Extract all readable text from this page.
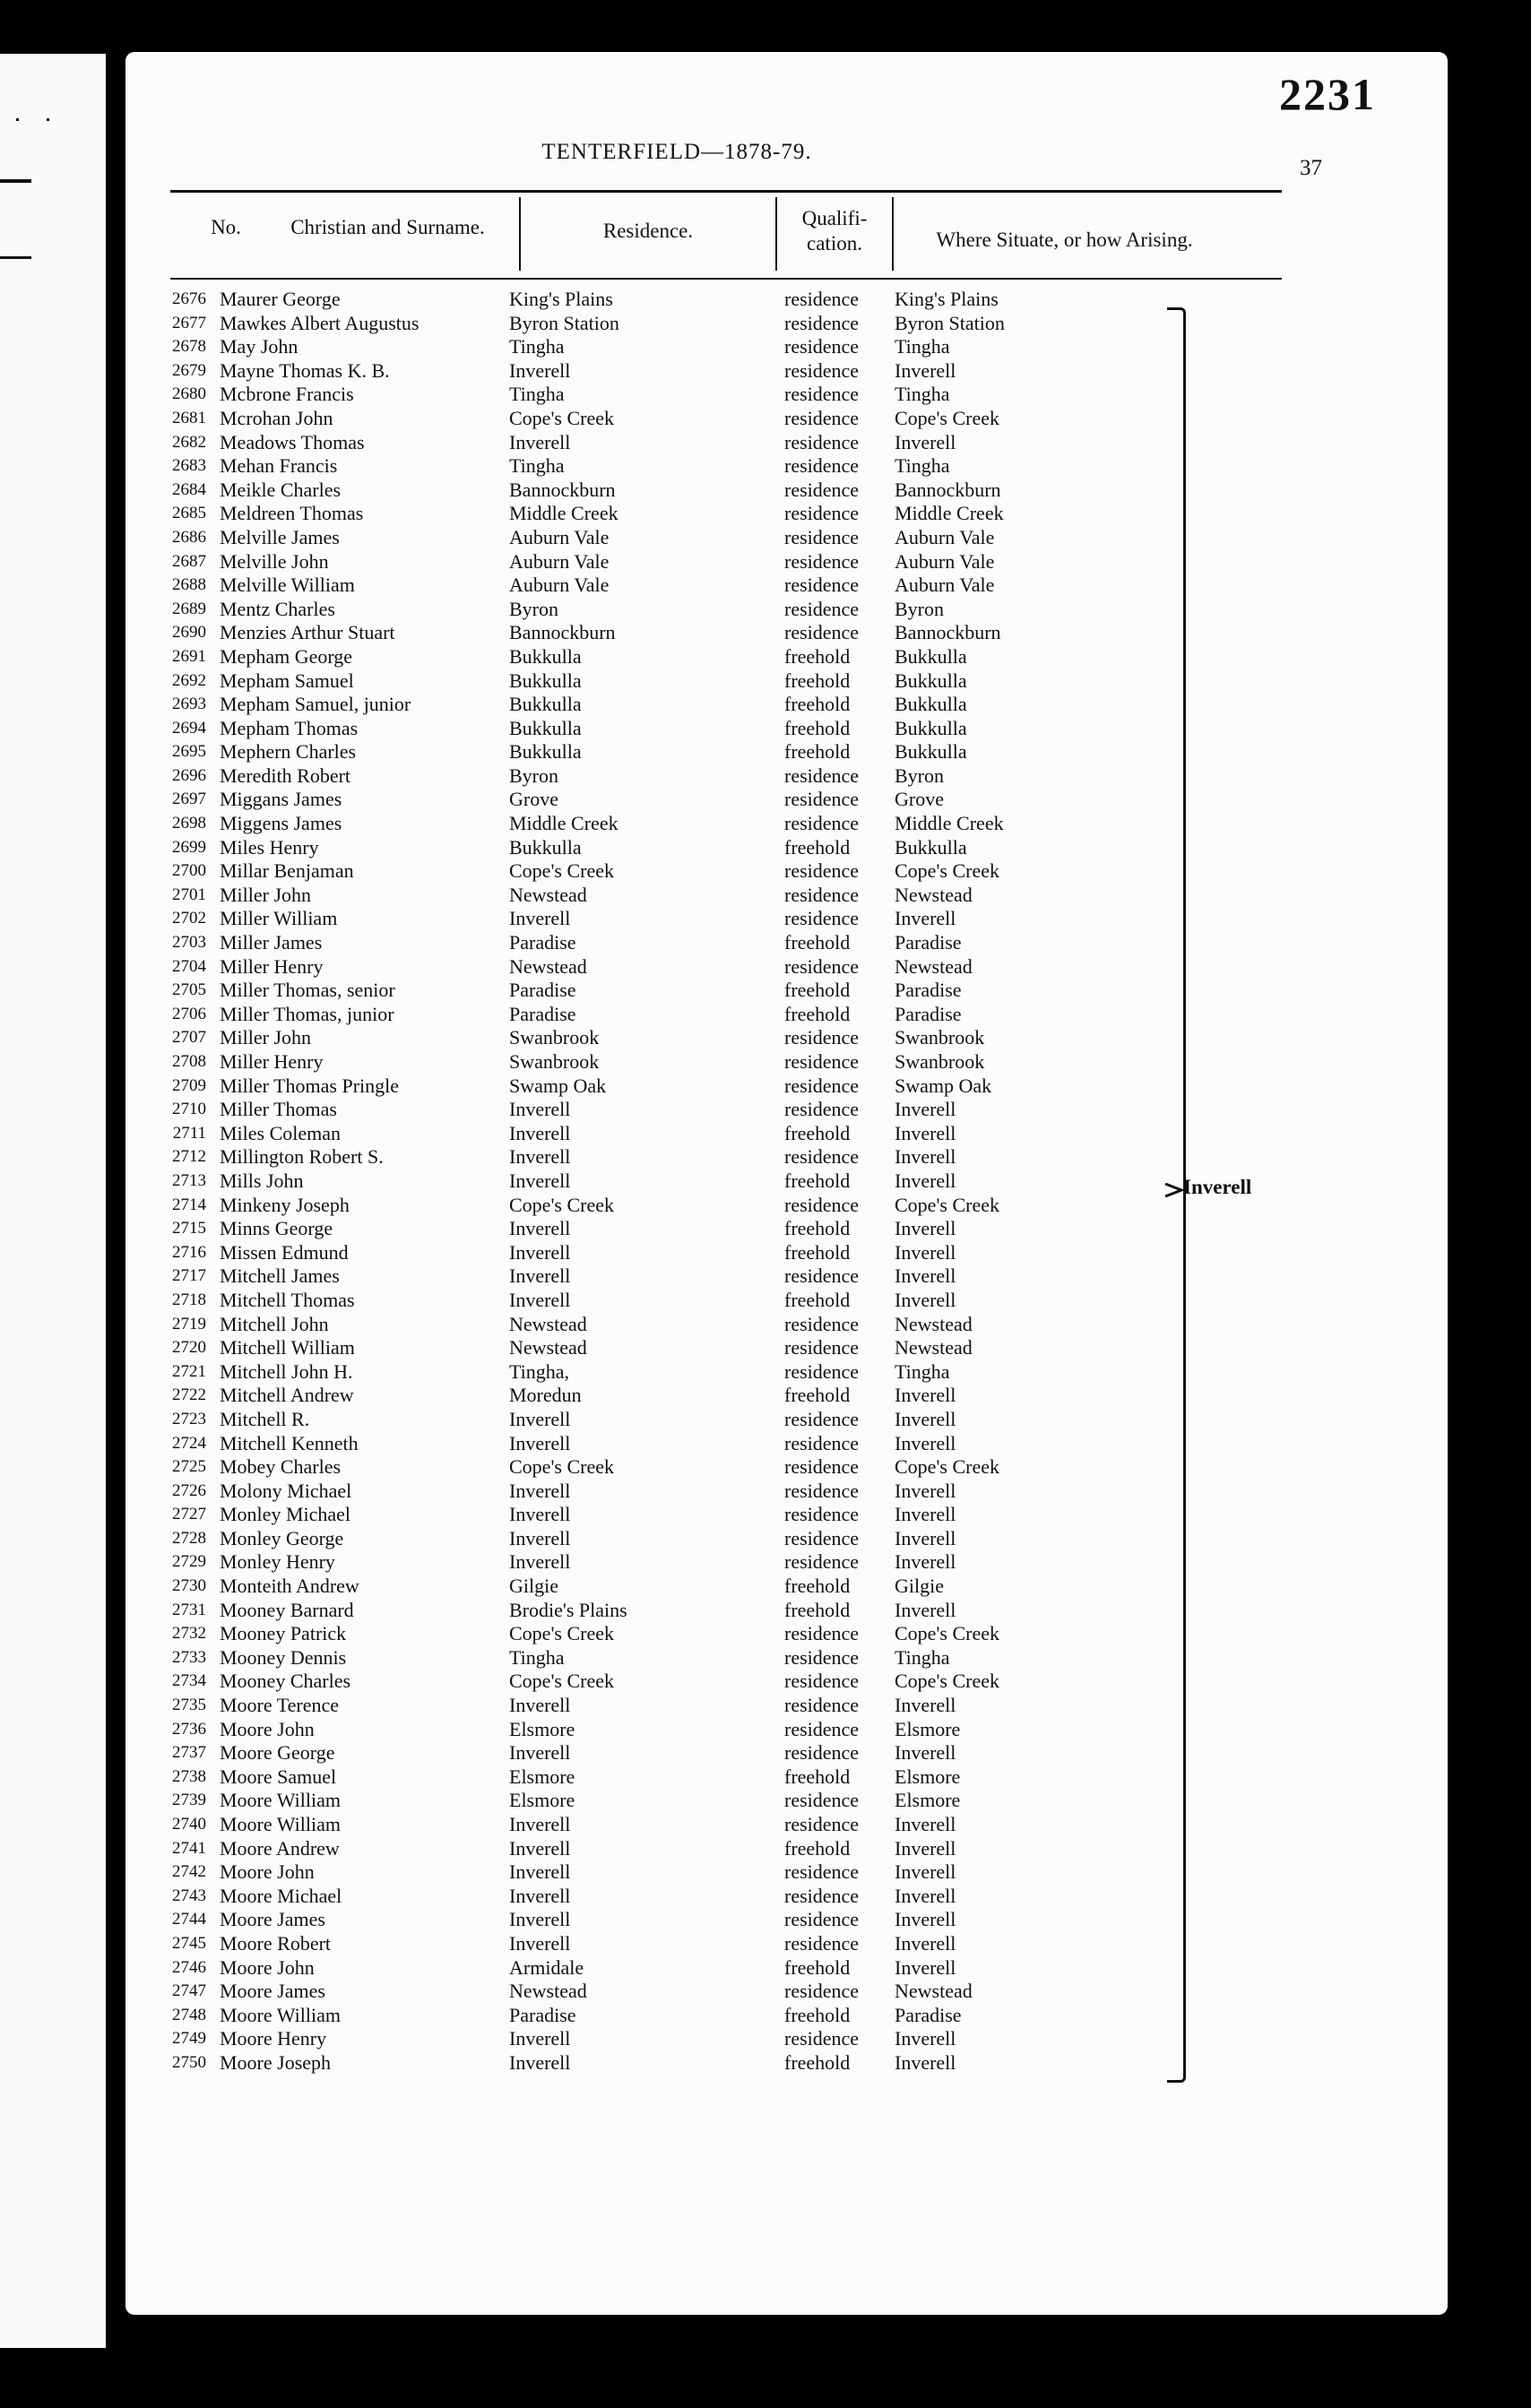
2231
TENTERFIELD—1878-79.
37
No.	Christian and Surname.	Residence.
Qualifi-
cation.	Where Situate, or how Arising.
2676 Maurer George	King's Plains	residence King's Plains
2677 Mawkes Albert Augustus	Byron Station	residence Byron Station
2678 May John	Tingha	residence Tingha
2679 Mayne Thomas K. B.	Inverell	residence Inverell
2680 Mcbrone Francis	Tingha	residence Tingha
2681 Mcrohan John	Cope's Creek	residence Cope's Creek
2682 Meadows Thomas	Inverell	residence Inverell
2683 Mehan Francis	Tingha	residence Tingha
2684 Meikle Charles	Bannockburn	residence Bannockburn
2685 Meldreen Thomas	Middle Creek	residence Middle Creek
2686 Melville James	Auburn Vale	residence Auburn Vale
2687 Melville John	Auburn Vale	residence Auburn Vale
2688 Melville William	Auburn Vale	residence Auburn Vale
2689 Mentz Charles	Byron	residence Byron
2690 Menzies Arthur Stuart	Bannockburn	residence Bannockburn
2691 Mepham George	Bukkulla	freehold Bukkulla
2692 Mepham Samuel	Bukkulla	freehold Bukkulla
2693 Mepham Samuel, junior	Bukkulla	freehold Bukkulla
2694 Mepham Thomas	Bukkulla	freehold Bukkulla
2695 Mephern Charles	Bukkulla	freehold Bukkulla
2696 Meredith Robert	Byron	residence Byron
2697 Miggans James	Grove	residence Grove
2698 Miggens James	Middle Creek	residence Middle Creek
2699 Miles Henry	Bukkulla	freehold Bukkulla
2700 Millar Benjaman	Cope's Creek	residence Cope's Creek
2701 Miller John	Newstead	residence Newstead
2702 Miller William	Inverell	residence Inverell
2703 Miller James	Paradise	freehold Paradise
2704 Miller Henry	Newstead	residence Newstead
2705 Miller Thomas, senior	Paradise	freehold Paradise
2706 Miller Thomas, junior	Paradise	freehold Paradise
2707 Miller John	Swanbrook	residence Swanbrook
2708 Miller Henry	Swanbrook	residence Swanbrook
2709 Miller Thomas Pringle	Swamp Oak	residence Swamp Oak
2710 Miller Thomas	Inverell	residence Inverell
2711 Miles Coleman	Inverell	freehold Inverell
2712 Millington Robert S.	Inverell	residence Inverell
2713 Mills John	Inverell	freehold Inverell
2714 Minkeny Joseph	Cope's Creek	residence Cope's Creek
2715 Minns George	Inverell	freehold Inverell
2716 Missen Edmund	Inverell	freehold Inverell
2717 Mitchell James	Inverell	residence Inverell
2718 Mitchell Thomas	Inverell	freehold Inverell
2719 Mitchell John	Newstead	residence Newstead
2720 Mitchell William	Newstead	residence Newstead
2721 Mitchell John H.	Tingha,	residence Tingha
2722 Mitchell Andrew	Moredun	freehold Inverell
2723 Mitchell R.	Inverell	residence Inverell
2724 Mitchell Kenneth	Inverell	residence Inverell
2725 Mobey Charles	Cope's Creek	residence Cope's Creek
2726 Molony Michael	Inverell	residence Inverell
2727 Monley Michael	Inverell	residence Inverell
2728 Monley George	Inverell	residence Inverell
2729 Monley Henry	Inverell	residence Inverell
2730 Monteith Andrew	Gilgie	freehold Gilgie
2731 Mooney Barnard	Brodie's Plains	freehold Inverell
2732 Mooney Patrick	Cope's Creek	residence Cope's Creek
2733 Mooney Dennis	Tingha	residence Tingha
2734 Mooney Charles	Cope's Creek	residence Cope's Creek
2735 Moore Terence	Inverell	residence Inverell
2736 Moore John	Elsmore	residence Elsmore
2737 Moore George	Inverell	residence Inverell
2738 Moore Samuel	Elsmore	freehold Elsmore
2739 Moore William	Elsmore	residence Elsmore
2740 Moore William	Inverell	residence Inverell
2741 Moore Andrew	Inverell	freehold Inverell
2742 Moore John	Inverell	residence Inverell
2743 Moore Michael	Inverell	residence Inverell
2744 Moore James	Inverell	residence Inverell
2745 Moore Robert	Inverell	residence Inverell
2746 Moore John	Armidale	freehold Inverell
2747 Moore James	Newstead	residence Newstead
2748 Moore William	Paradise	freehold Paradise
2749 Moore Henry	Inverell	residence Inverell
2750 Moore Joseph	Inverell	freehold Inverell
Inverell
